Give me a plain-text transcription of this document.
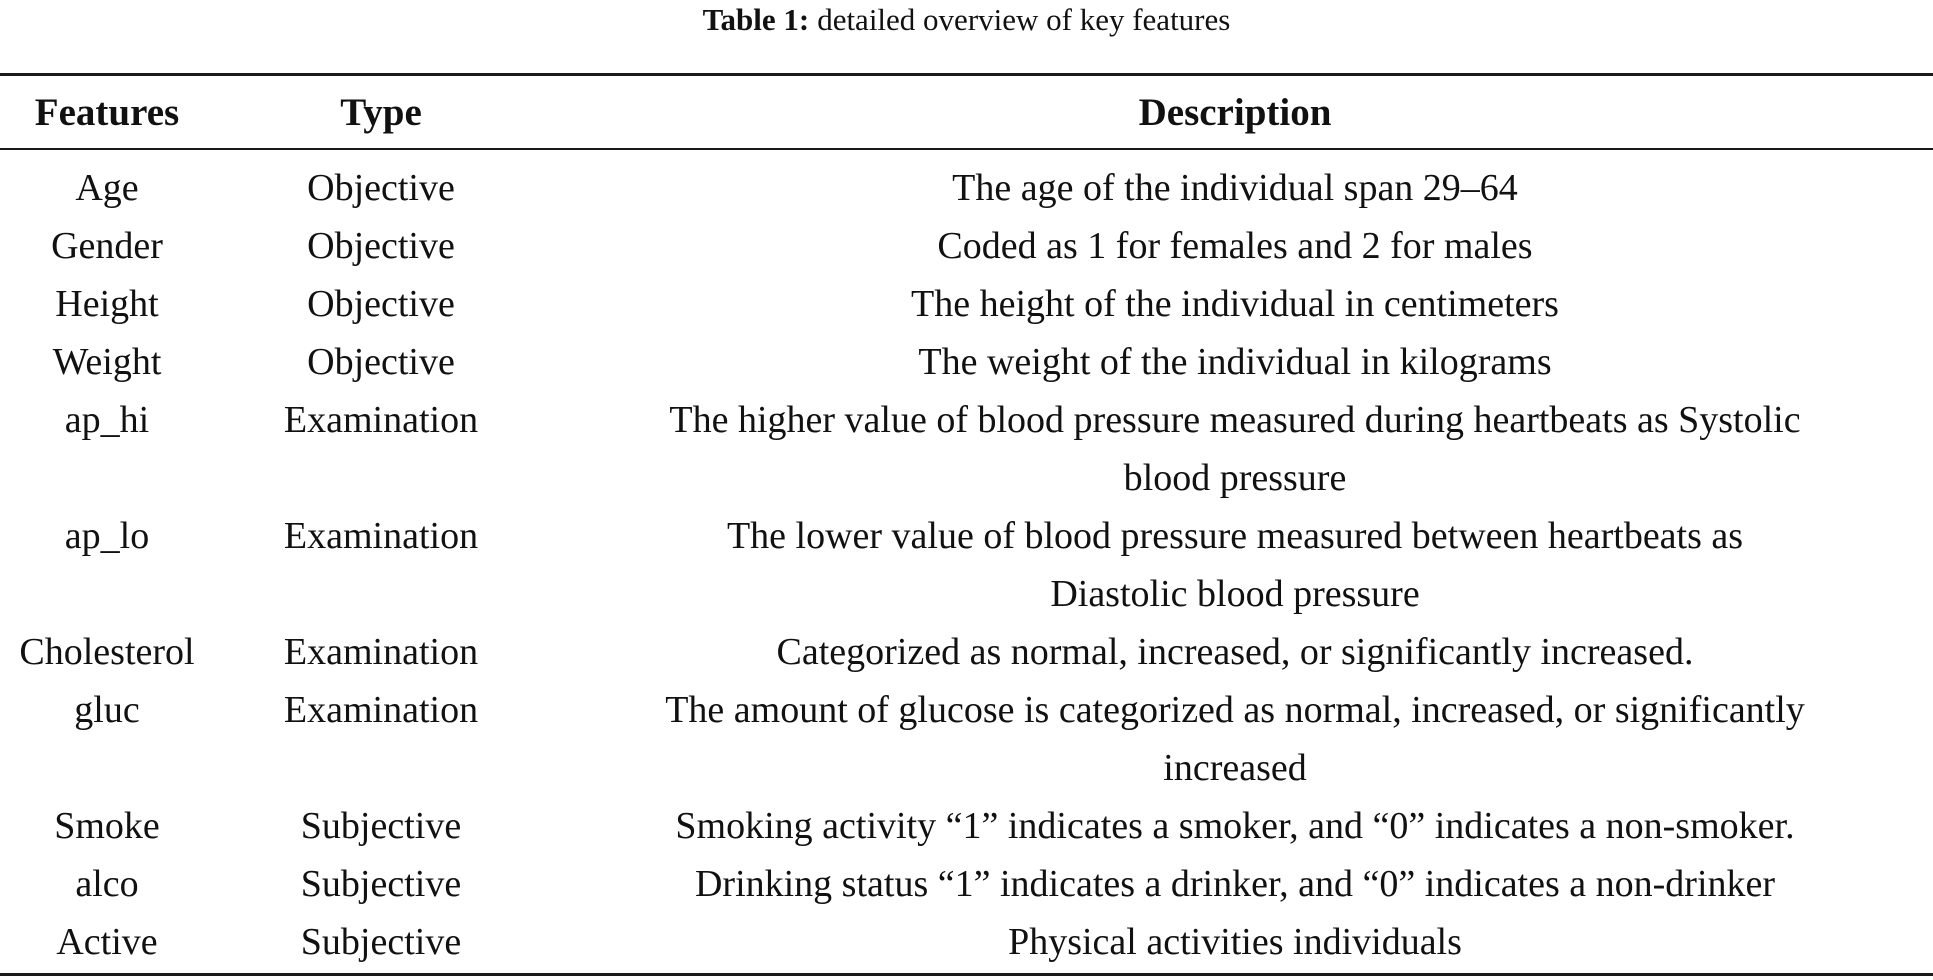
Table 1: detailed overview of key features
Features	Type	Description
Age	Objective	The age of the individual span 29–64
Gender	Objective	Coded as 1 for females and 2 for males
Height	Objective	The height of the individual in centimeters
Weight	Objective	The weight of the individual in kilograms
ap_hi	Examination	The higher value of blood pressure measured during heartbeats as Systolic
blood pressure
ap_lo	Examination	The lower value of blood pressure measured between heartbeats as
Diastolic blood pressure
Cholesterol	Examination	Categorized as normal, increased, or significantly increased.
gluc	Examination	The amount of glucose is categorized as normal, increased, or significantly
increased
Smoke	Subjective	Smoking activity “1” indicates a smoker, and “0” indicates a non-smoker.
alco	Subjective	Drinking status “1” indicates a drinker, and “0” indicates a non-drinker
Active	Subjective	Physical activities individuals
